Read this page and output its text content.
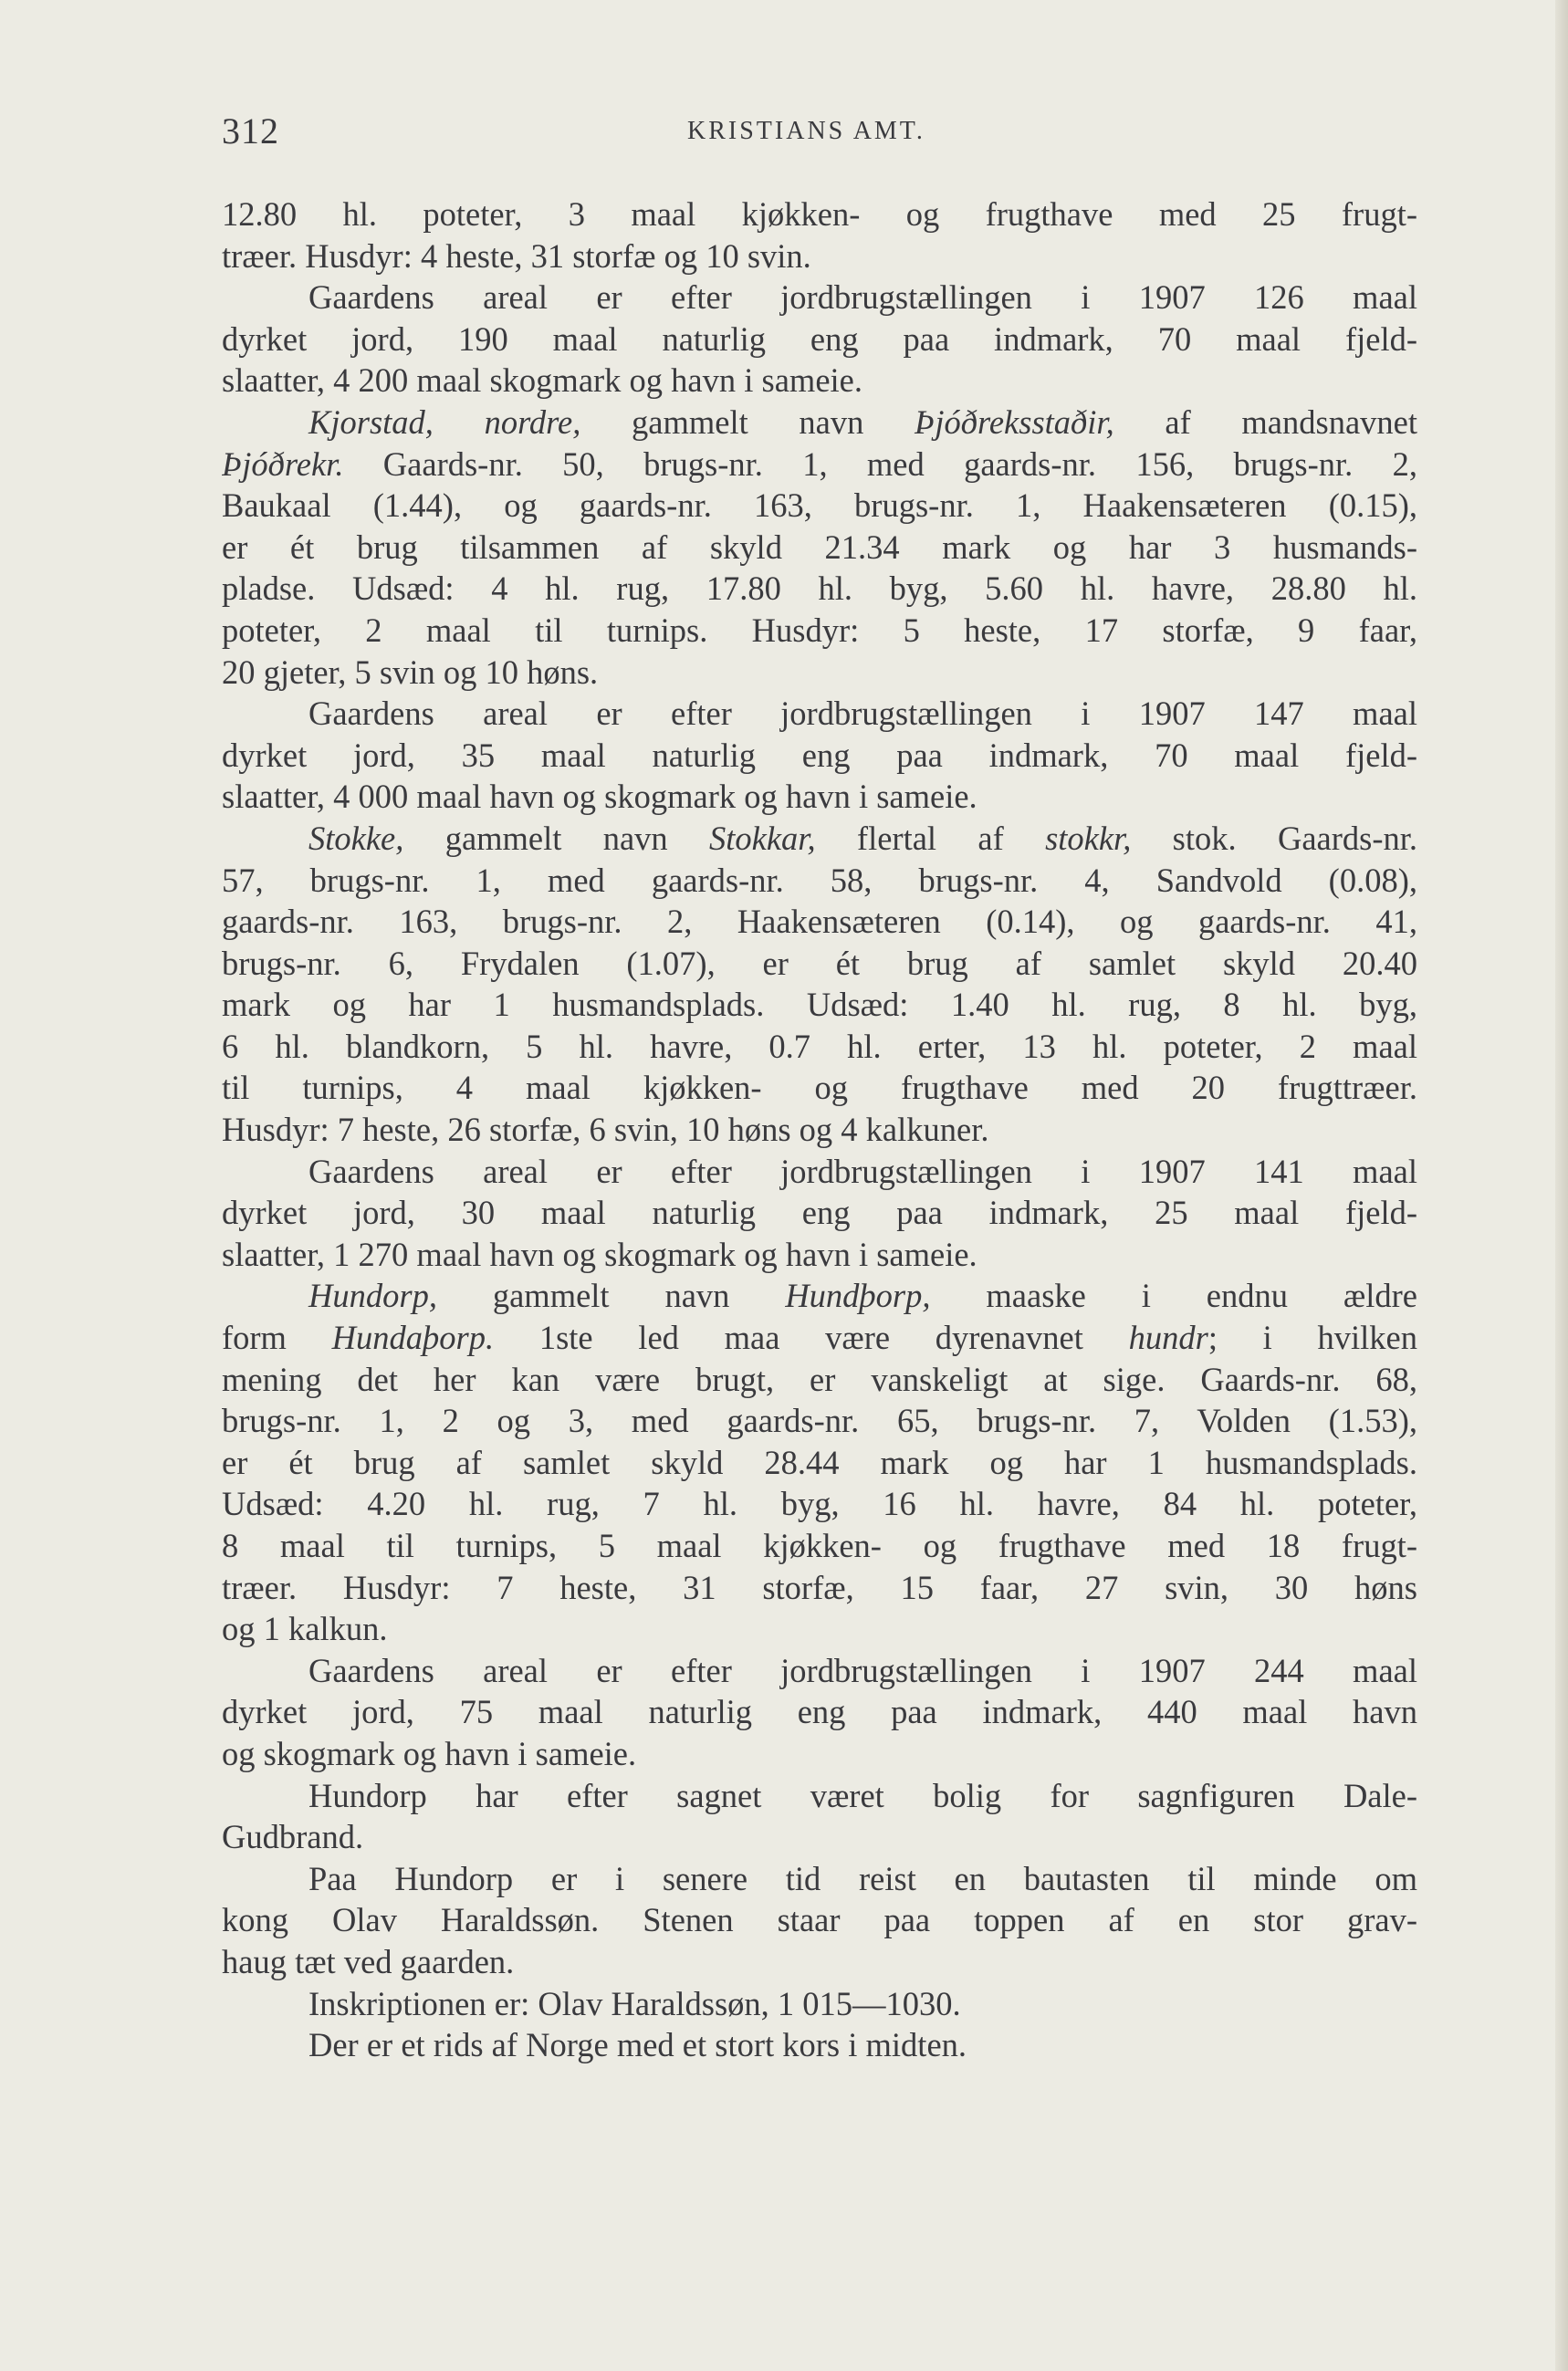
312	KRISTIANS AMT.
12.80 hl. poteter, 3 maal kjøkken- og frugthave med 25 frugt-
træer. Husdyr: 4 heste, 31 storfæ og 10 svin.
Gaardens areal er efter jordbrugstællingen i 1907 126 maal
dyrket jord, 190 maal naturlig eng paa indmark, 70 maal fjeld-
slaatter, 4 200 maal skogmark og havn i sameie.
Kjorstad, nordre, gammelt navn Þjóðreksstaðir, af mandsnavnet
Þjóðrekr. Gaards-nr. 50, brugs-nr. 1, med gaards-nr. 156, brugs-nr. 2,
Baukaal (1.44), og gaards-nr. 163, brugs-nr. 1, Haakensæteren (0.15),
er ét brug tilsammen af skyld 21.34 mark og har 3 husmands-
pladse. Udsæd: 4 hl. rug, 17.80 hl. byg, 5.60 hl. havre, 28.80 hl.
poteter, 2 maal til turnips. Husdyr: 5 heste, 17 storfæ, 9 faar,
20 gjeter, 5 svin og 10 høns.
Gaardens areal er efter jordbrugstællingen i 1907 147 maal
dyrket jord, 35 maal naturlig eng paa indmark, 70 maal fjeld-
slaatter, 4 000 maal havn og skogmark og havn i sameie.
Stokke, gammelt navn Stokkar, flertal af stokkr, stok. Gaards-nr.
57, brugs-nr. 1, med gaards-nr. 58, brugs-nr. 4, Sandvold (0.08),
gaards-nr. 163, brugs-nr. 2, Haakensæteren (0.14), og gaards-nr. 41,
brugs-nr. 6, Frydalen (1.07), er ét brug af samlet skyld 20.40
mark og har 1 husmandsplads. Udsæd: 1.40 hl. rug, 8 hl. byg,
6 hl. blandkorn, 5 hl. havre, 0.7 hl. erter, 13 hl. poteter, 2 maal
til turnips, 4 maal kjøkken- og frugthave med 20 frugttræer.
Husdyr: 7 heste, 26 storfæ, 6 svin, 10 høns og 4 kalkuner.
Gaardens areal er efter jordbrugstællingen i 1907 141 maal
dyrket jord, 30 maal naturlig eng paa indmark, 25 maal fjeld-
slaatter, 1 270 maal havn og skogmark og havn i sameie.
Hundorp, gammelt navn Hundþorp, maaske i endnu ældre
form Hundaþorp. 1ste led maa være dyrenavnet hundr; i hvilken
mening det her kan være brugt, er vanskeligt at sige. Gaards-nr. 68,
brugs-nr. 1, 2 og 3, med gaards-nr. 65, brugs-nr. 7, Volden (1.53),
er ét brug af samlet skyld 28.44 mark og har 1 husmandsplads.
Udsæd: 4.20 hl. rug, 7 hl. byg, 16 hl. havre, 84 hl. poteter,
8 maal til turnips, 5 maal kjøkken- og frugthave med 18 frugt-
træer. Husdyr: 7 heste, 31 storfæ, 15 faar, 27 svin, 30 høns
og 1 kalkun.
Gaardens areal er efter jordbrugstællingen i 1907 244 maal
dyrket jord, 75 maal naturlig eng paa indmark, 440 maal havn
og skogmark og havn i sameie.
Hundorp har efter sagnet været bolig for sagnfiguren Dale-
Gudbrand.
Paa Hundorp er i senere tid reist en bautasten til minde om
kong Olav Haraldssøn. Stenen staar paa toppen af en stor grav-
haug tæt ved gaarden.
Inskriptionen er: Olav Haraldssøn, 1 015—1030.
Der er et rids af Norge med et stort kors i midten.
